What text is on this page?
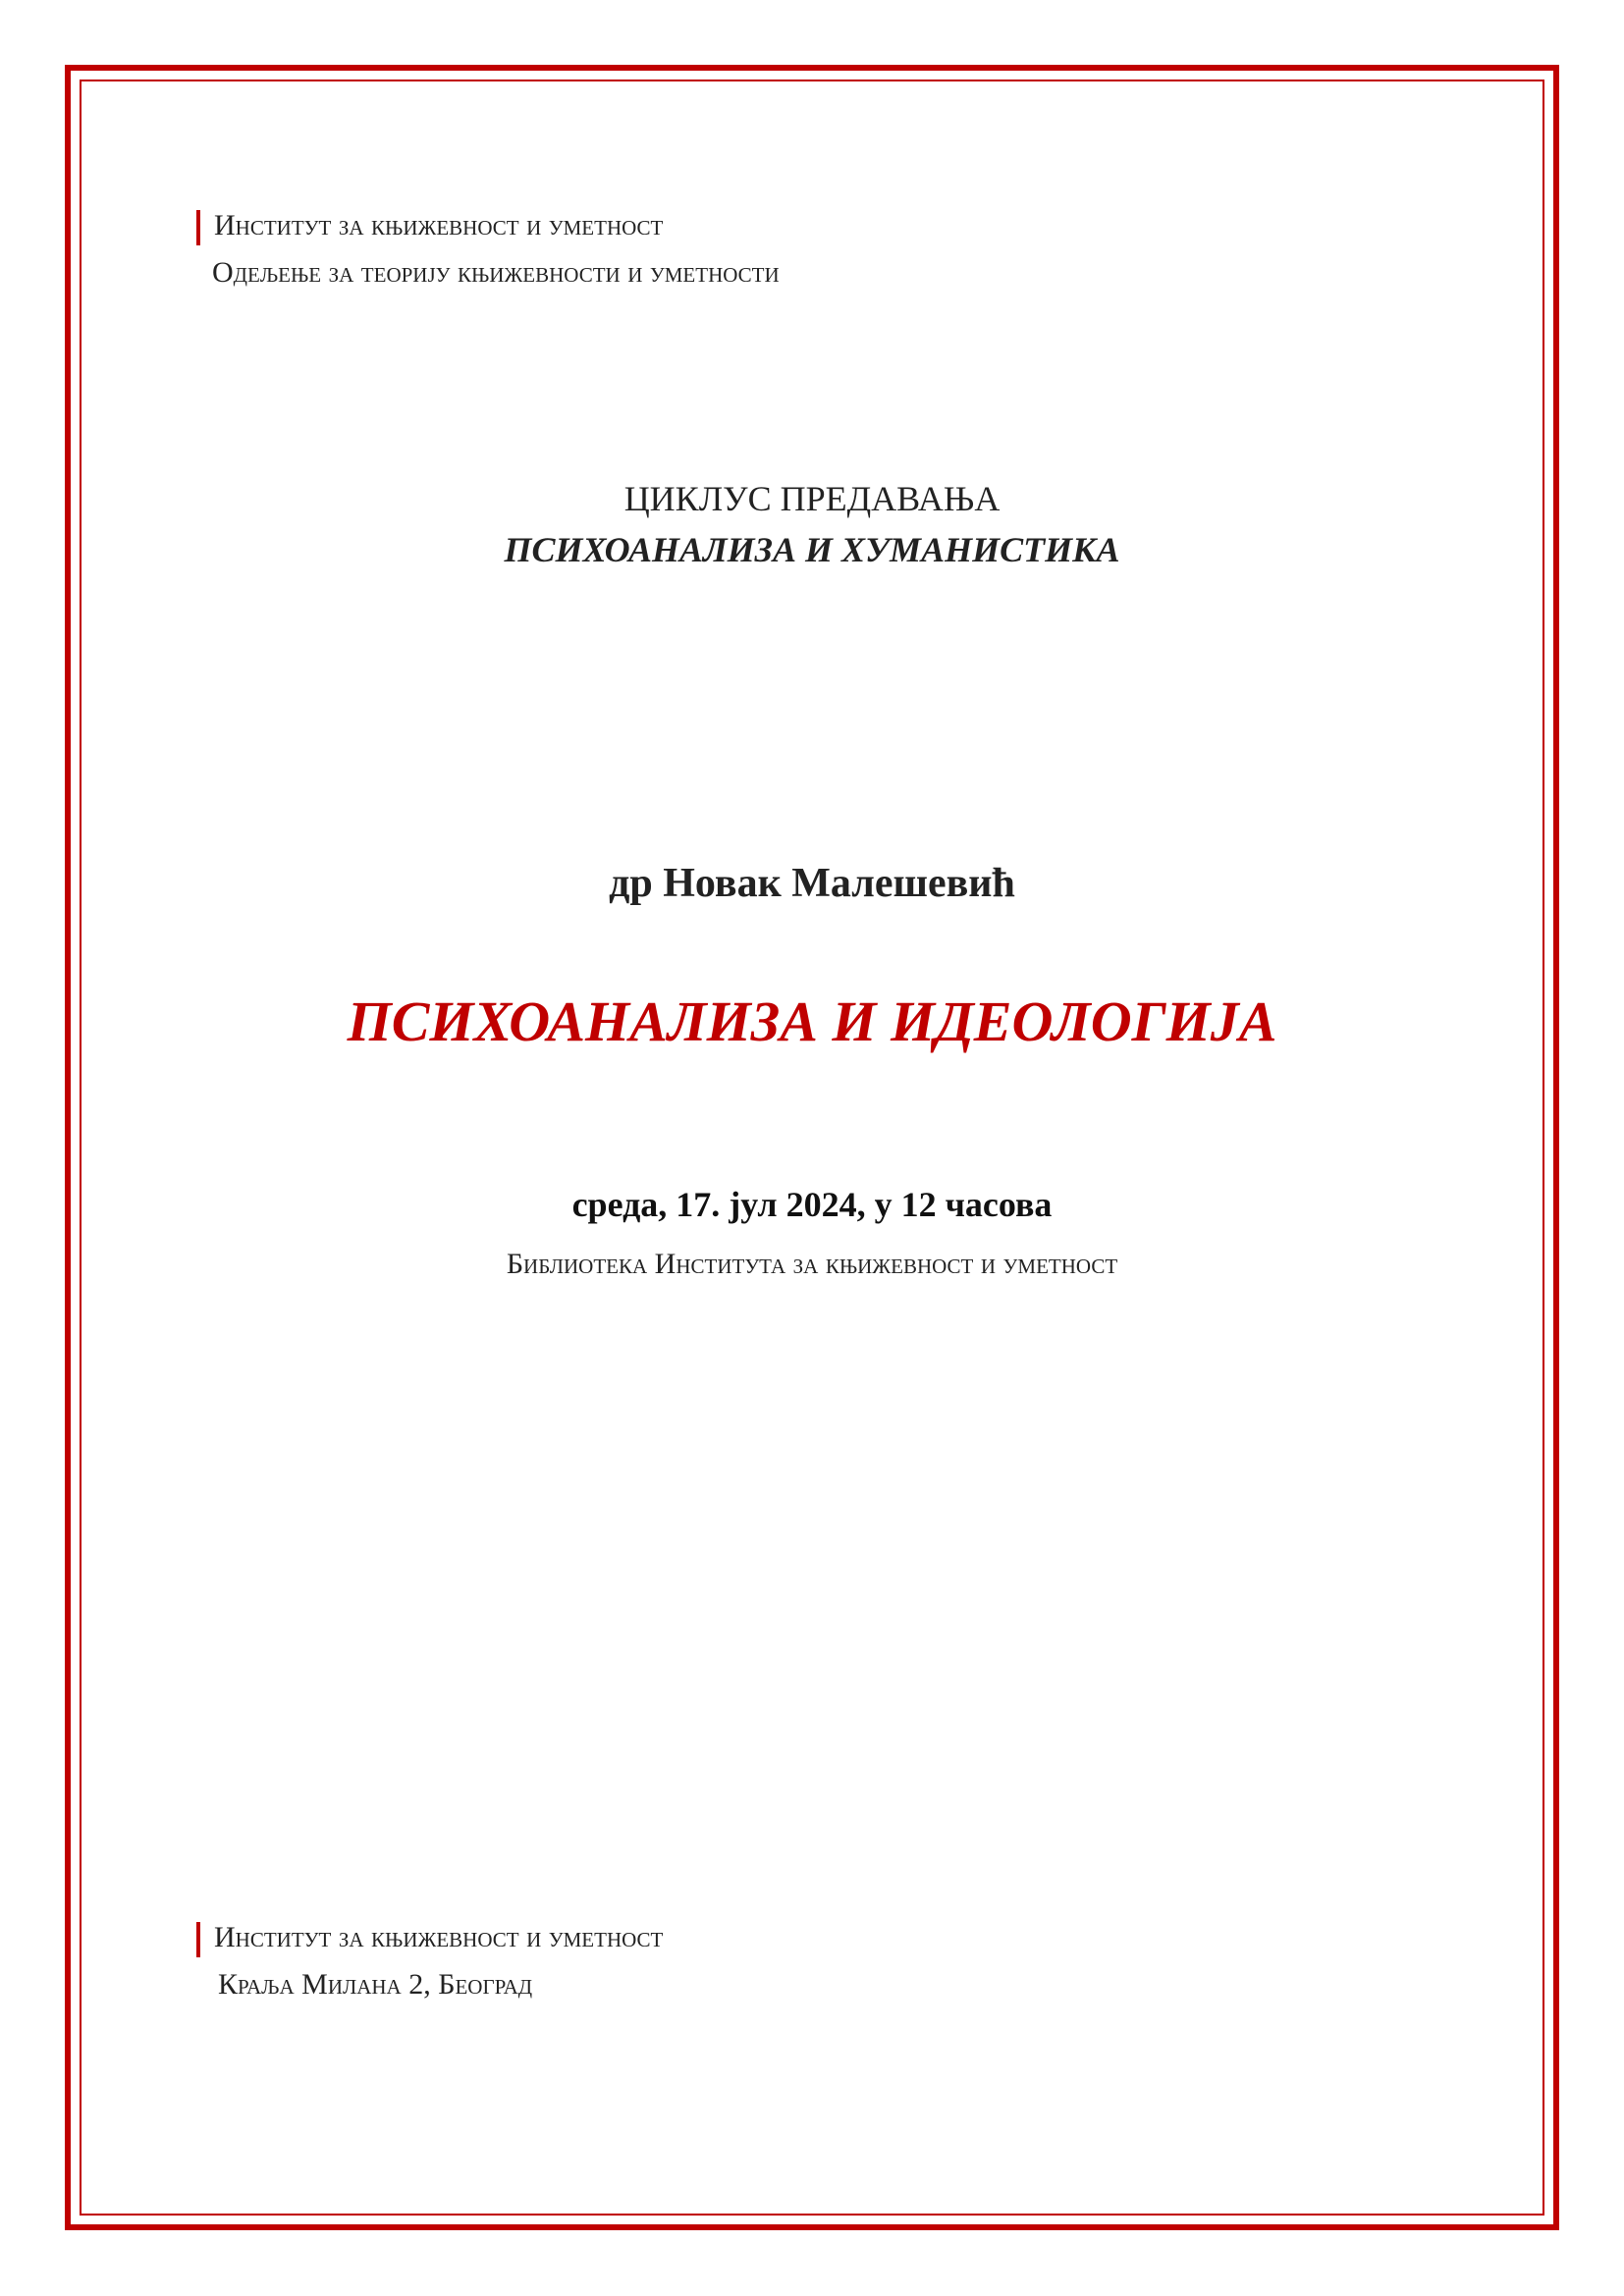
Институт за књижевност и уметност
Одељење за теорију књижевности и уметности
ЦИКЛУС ПРЕДАВАЊА
ПСИХОАНАЛИЗА И ХУМАНИСТИКА
др Новак Малешевић
ПСИХОАНАЛИЗА И ИДЕОЛОГИЈА
среда, 17. јул 2024, у 12 часова
Библиотека Института за књижевност и уметност
Институт за књижевност и уметност
Краља Милана 2, Београд
